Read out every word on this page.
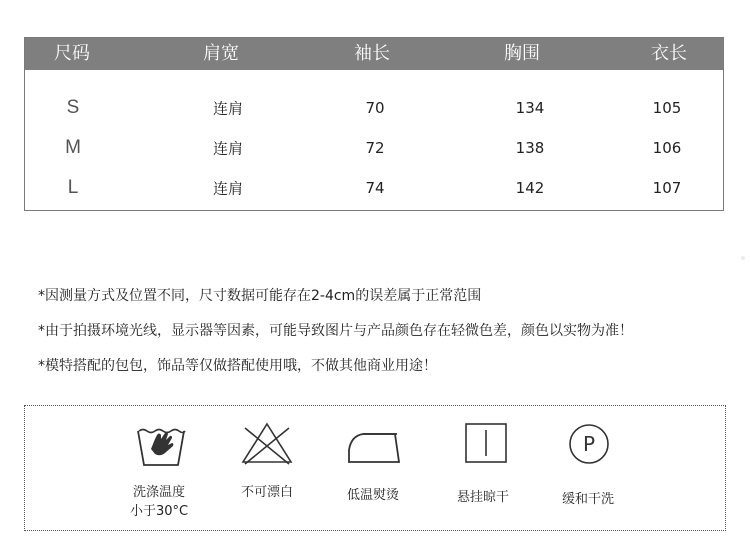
尺码	肩宽	袖长	胸围	衣长
S	连肩	70	134	105
M	连肩	72	138	106
L	连肩	74	142	107
*因测量方式及位置不同，尺寸数据可能存在2-4cm的误差属于正常范围
*由于拍摄环境光线，显示器等因素，可能导致图片与产品颜色存在轻微色差，颜色以实物为准！
*模特搭配的包包，饰品等仅做搭配使用哦，不做其他商业用途！
洗涤温度
小于30°C
不可漂白	低温熨烫	悬挂晾干
P
缓和干洗
